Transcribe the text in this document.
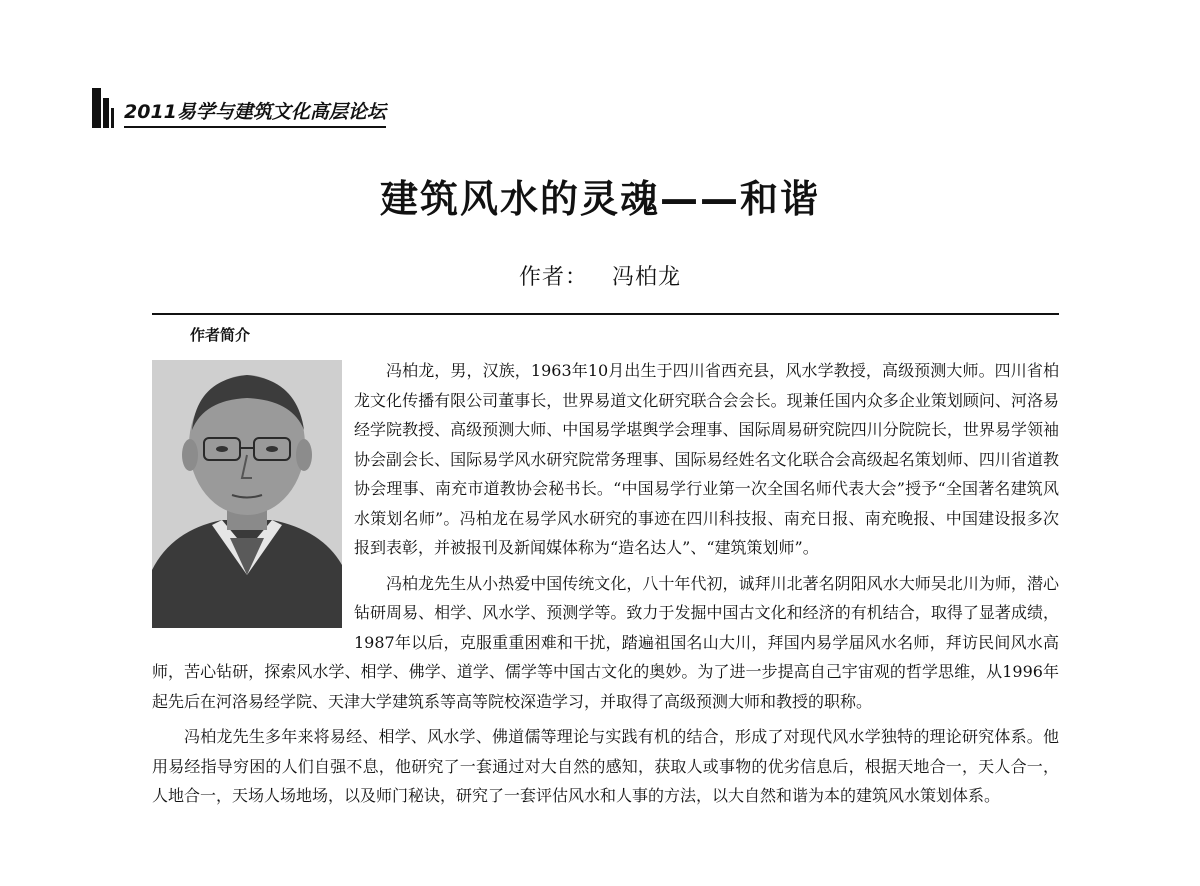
2011易学与建筑文化高层论坛
建筑风水的灵魂——和谐
作者： 冯柏龙
作者简介

冯柏龙，男，汉族，1963年10月出生于四川省西充县，风水学教授，高级预测大师。四川省柏龙文化传播有限公司董事长，世界易道文化研究联合会会长。现兼任国内众多企业策划顾问、河洛易经学院教授、高级预测大师、中国易学堪舆学会理事、国际周易研究院四川分院院长，世界易学领袖协会副会长、国际易学风水研究院常务理事、国际易经姓名文化联合会高级起名策划师、四川省道教协会理事、南充市道教协会秘书长。“中国易学行业第一次全国名师代表大会”授予“全国著名建筑风水策划名师”。冯柏龙在易学风水研究的事迹在四川科技报、南充日报、南充晚报、中国建设报多次报到表彰，并被报刊及新闻媒体称为“造名达人”、“建筑策划师”。

冯柏龙先生从小热爱中国传统文化，八十年代初，诚拜川北著名阴阳风水大师吴北川为师，潜心钻研周易、相学、风水学、预测学等。致力于发掘中国古文化和经济的有机结合，取得了显著成绩， 1987年以后，克服重重困难和干扰，踏遍祖国名山大川，拜国内易学届风水名师，拜访民间风水高师，苦心钻研，探索风水学、相学、佛学、道学、儒学等中国古文化的奥妙。为了进一步提高自己宇宙观的哲学思维，从1996年起先后在河洛易经学院、天津大学建筑系等高等院校深造学习，并取得了高级预测大师和教授的职称。

冯柏龙先生多年来将易经、相学、风水学、佛道儒等理论与实践有机的结合，形成了对现代风水学独特的理论研究体系。他用易经指导穷困的人们自强不息，他研究了一套通过对大自然的感知，获取人或事物的优劣信息后，根据天地合一，天人合一，人地合一，天场人场地场，以及师门秘诀，研究了一套评估风水和人事的方法，以大自然和谐为本的建筑风水策划体系。
